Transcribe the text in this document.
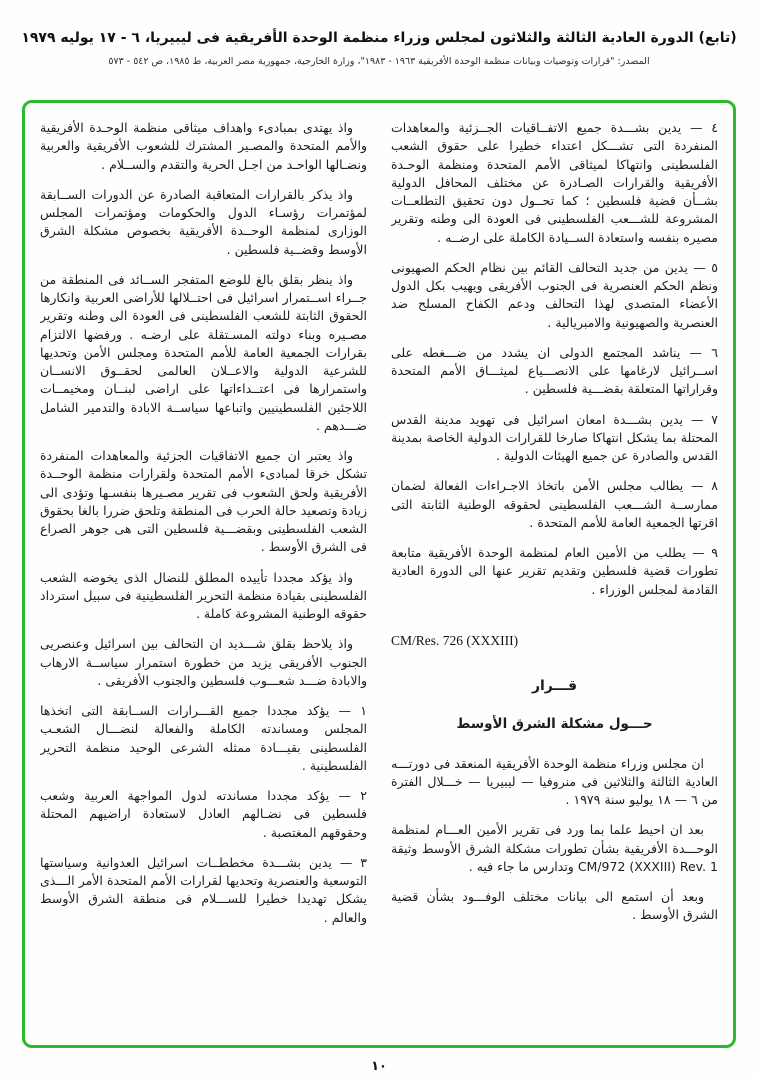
(تابع) الدورة العادية الثالثة والثلاثون لمجلس وزراء منظمة الوحدة الأفريقية فى ليبيريا، ٦ - ١٧ يوليه ١٩٧٩
المصدر: "قرارات وتوصيات وبيانات منظمة الوحدة الأفريقية ١٩٦٣ - ١٩٨٣"، وزارة الخارجية، جمهورية مصر العربية، ط ١٩٨٥، ص ٥٤٢ - ٥٧٣

واذ يهتدى بمبادىء واهداف ميثاقى منظمة الوحـدة الأفريقية والأمم المتحدة والمصـير المشترك للشعوب الأفريقية والعربية ونضـالها الواحـد من اجـل الحرية والتقدم والســلام .

واذ يذكر بالقرارات المتعاقبة الصادرة عن الدورات الســابقة لمؤتمرات رؤسـاء الدول والحكومات ومؤتمرات المجلس الوزارى لمنظمة الوحــدة الأفريقية بخصوص مشكلة الشرق الأوسط وقضــية فلسطين .

واذ ينظر بقلق بالغ للوضع المتفجر الســائد فى المنطقة من جــراء اســتمرار اسرائيل فى احتــلالها للأراضى العربية وانكارها الحقوق الثابتة للشعب الفلسطينى فى العودة الى وطنه وتقرير مصـيره وبناء دولته المسـتقلة على ارضـه . ورفضها الالتزام بقرارات الجمعية العامة للأمم المتحدة ومجلس الأمن وتحديها للشرعية الدولية والاعــلان العالمى لحقــوق الانســان واستمرارها فى اعتــداءاتها على اراضى لبنــان ومخيمــات اللاجئين الفلسطينيين واتباعها سياســة الابادة والتدمير الشامل ضـــدهم .

واذ يعتبر ان جميع الاتفاقيات الجزئية والمعاهدات المنفردة تشكل خرقا لمبادىء الأمم المتحدة ولقرارات منظمة الوحــدة الأفريقية ولحق الشعوب فى تقرير مصـيرها بنفسـها وتؤدى الى زيادة وتصعيد حالة الحرب فى المنطقة وتلحق ضررا بالغا بحقوق الشعب الفلسطينى وبقضـــية فلسطين التى هى جوهر الصراع فى الشرق الأوسط .

واذ يؤكد مجددا تأييده المطلق للنضال الذى يخوضه الشعب الفلسطينى بقيادة منظمة التحرير الفلسطينية فى سبيل استرداد حقوقه الوطنية المشروعة كاملة .

واذ يلاحظ بقلق شـــديد ان التحالف بين اسرائيل وعنصريى الجنوب الأفريقى يزيد من خطورة استمرار سياســة الارهاب والابادة ضـــد شعـــوب فلسطين والجنوب الأفريقى .

١ — يؤكد مجددا جميع القـــرارات الســابقة التى اتخذها المجلس ومساندته الكاملة والفعالة لنضـــال الشعـب الفلسطينى بقيـــادة ممثله الشرعى الوحيد منظمة التحرير الفلسطينية .

٢ — يؤكد مجددا مساندته لدول المواجهة العربية وشعب فلسطين فى نضـالهم العادل لاستعادة اراضيهم المحتلة وحقوقهم المغتصبة .

٣ — يدين بشـــدة مخططــات اسرائيل العدوانية وسياستها التوسعية والعنصرية وتحديها لقرارات الأمم المتحدة الأمر الـــذى يشكل تهديدا خطيرا للســـلام فى منطقة الشرق الأوسط والعالم .

٤ — يدين بشـــدة جميع الاتفــاقيات الجــزئية والمعاهدات المنفردة التى تشـــكل اعتداء خطيرا على حقوق الشعب الفلسطينى وانتهاكا لميثاقى الأمم المتحدة ومنظمة الوحـدة الأفريقية والقرارات الصـادرة عن مختلف المحافل الدولية بشــأن قضية فلسطين ؛ كما تحــول دون تحقيق التطلعــات المشروعة للشـــعب الفلسطينى فى العودة الى وطنه وتقرير مصيره بنفسه واستعادة الســيادة الكاملة على ارضــه .

٥ — يدين من جديد التحالف القائم بين نظام الحكم الصهيونى ونظم الحكم العنصرية فى الجنوب الأفريقى ويهيب بكل الدول الأعضاء المتصدى لهذا التحالف ودعم الكفاح المسلح ضد العنصرية والصهيونية والامبريالية .

٦ — يناشد المجتمع الدولى ان يشدد من ضـــغطه على اســرائيل لارغامها على الانصـــياع لميثـــاق الأمم المتحدة وقراراتها المتعلقة بقضـــية فلسطين .

٧ — يدين بشـــدة امعان اسرائيل فى تهويد مدينة القدس المحتلة بما يشكل انتهاكا صارخا للقرارات الدولية الخاصة بمدينة القدس والصادرة عن جميع الهيئات الدولية .

٨ — يطالب مجلس الأمن باتخاذ الاجـراءات الفعالة لضمان ممارســة الشـــعب الفلسطينى لحقوقه الوطنية الثابتة التى اقرتها الجمعية العامة للأمم المتحدة .

٩ — يطلب من الأمين العام لمنظمة الوحدة الأفريقية متابعة تطورات قضية فلسطين وتقديم تقرير عنها الى الدورة العادية القادمة لمجلس الوزراء .

CM/Res. 726 (XXXIII)
قـــرار
حـــول مشكلة الشرق الأوسط

ان مجلس وزراء منظمة الوحدة الأفريقية المنعقد فى دورتـــه العادية الثالثة والثلاثين فى منروفيا — ليبيريا — خـــلال الفترة من ٦ — ١٨ يوليو سنة ١٩٧٩ .

بعد ان احيط علما بما ورد فى تقرير الأمين العـــام لمنظمة الوحـــدة الأفريقية بشأن تطورات مشكلة الشرق الأوسط وثيقة CM/972 (XXXIII) Rev. 1 وتدارس ما جاء فيه .

وبعد أن استمع الى بيانات مختلف الوفـــود بشأن قضية الشرق الأوسط .

١٠
